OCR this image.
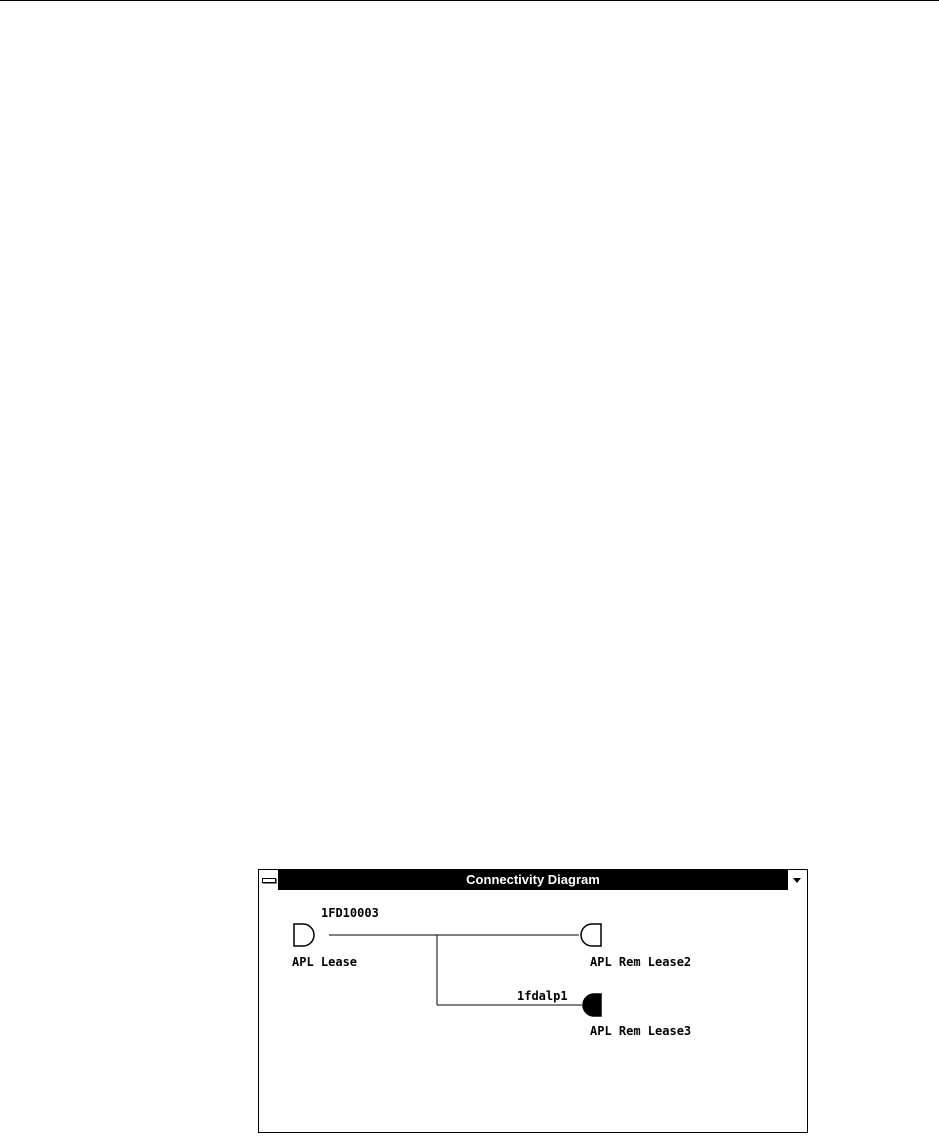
Connectivity Diagram
1FD10003
1fdalp1
APL Lease	APL Rem Lease2
APL Rem Lease3
